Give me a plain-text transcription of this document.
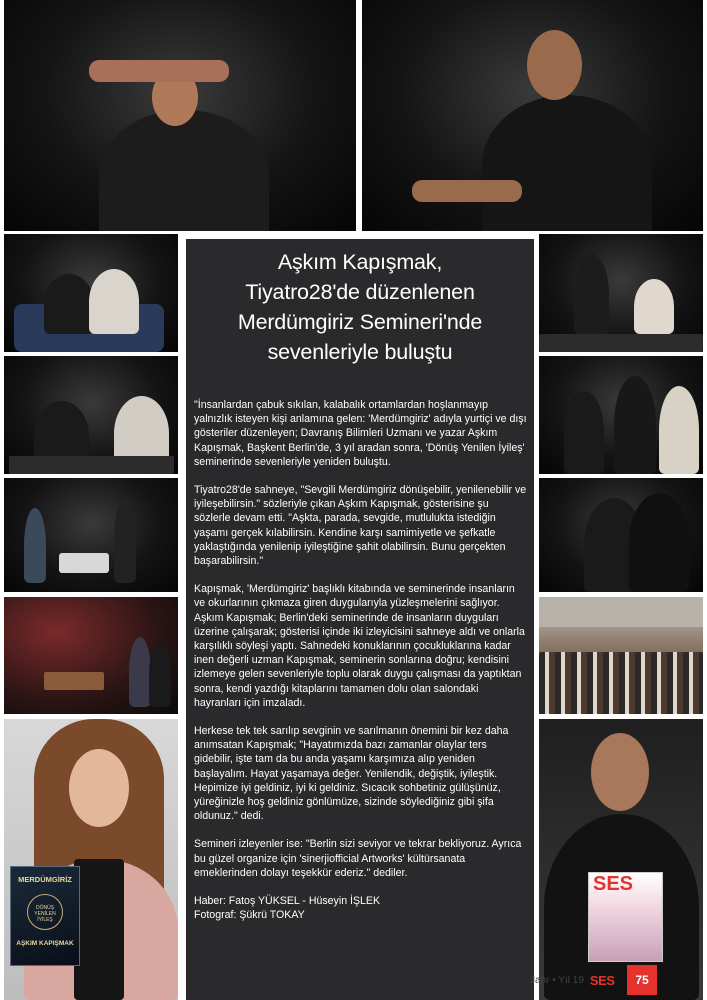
MERDÜMGİRİZ
DÖNÜŞ YENİLEN İYİLEŞ
AŞKIM KAPIŞMAK
SES
Aşkım Kapışmak,
Tiyatro28'de düzenlenen
Merdümgiriz Semineri'nde
sevenleriyle buluştu

"İnsanlardan çabuk sıkılan, kalabalık ortamlardan hoşlanmayıp yalnızlık isteyen kişi anlamına gelen: 'Merdümgiriz' adıyla yurtiçi ve dışı gösteriler düzenleyen; Davranış Bilimleri Uzmanı ve yazar Aşkım Kapışmak, Başkent Berlin'de, 3 yıl aradan sonra, 'Dönüş Yenilen İyileş' seminerinde sevenleriyle yeniden buluştu.

Tiyatro28'de sahneye, "Sevgili Merdümgiriz dönüşebilir, yenilenebilir ve iyileşebilirsin." sözleriyle çıkan Aşkım Kapışmak, gösterisine şu sözlerle devam etti. "Aşkta, parada, sevgide, mutlulukta istediğin yaşamı gerçek kılabilirsin. Kendine karşı samimiyetle ve şefkatle yaklaştığında yenilenip iyileştiğine şahit olabilirsin. Bunu gerçekten başarabilirsin."

Kapışmak, 'Merdümgiriz' başlıklı kitabında ve seminerinde insanların ve okurlarının çıkmaza giren duygularıyla yüzleşmelerini sağlıyor. Aşkım Kapışmak; Berlin'deki seminerinde de insanların duyguları üzerine çalışarak; gösterisi içinde iki izleyicisini sahneye aldı ve onlarla karşılıklı söyleşi yaptı. Sahnedeki konuklarının çocukluklarına kadar inen değerli uzman Kapışmak, seminerin sonlarına doğru; kendisini izlemeye gelen sevenleriyle toplu olarak duygu çalışması da yaptıktan sonra, kendi yazdığı kitaplarını tamamen dolu olan salondaki hayranları için imzaladı.

Herkese tek tek sarılıp sevginin ve sarılmanın önemini bir kez daha anımsatan Kapışmak; "Hayatımızda bazı zamanlar olaylar ters gidebilir, işte tam da bu anda yaşamı karşımıza alıp yeniden başlayalım. Hayat yaşamaya değer. Yenilendik, değiştik, iyileştik. Hepimize iyi geldiniz, iyi ki geldiniz. Sıcacık sohbetiniz gülüşünüz, yüreğinizle hoş geldiniz gönlümüze, sizinde söylediğiniz gibi şifa oldunuz." dedi.

Semineri izleyenler ise: "Berlin sizi seviyor ve tekrar bekliyoruz. Ayrıca bu güzel organize için 'sinerjiofficial Artworks' kültürsanata emeklerinden dolayı teşekkür ederiz." dediler.

Haber: Fatoş YÜKSEL - Hüseyin İŞLEK
Fotograf: Şükrü TOKAY
Jahr • Yıl 19 SES	75
